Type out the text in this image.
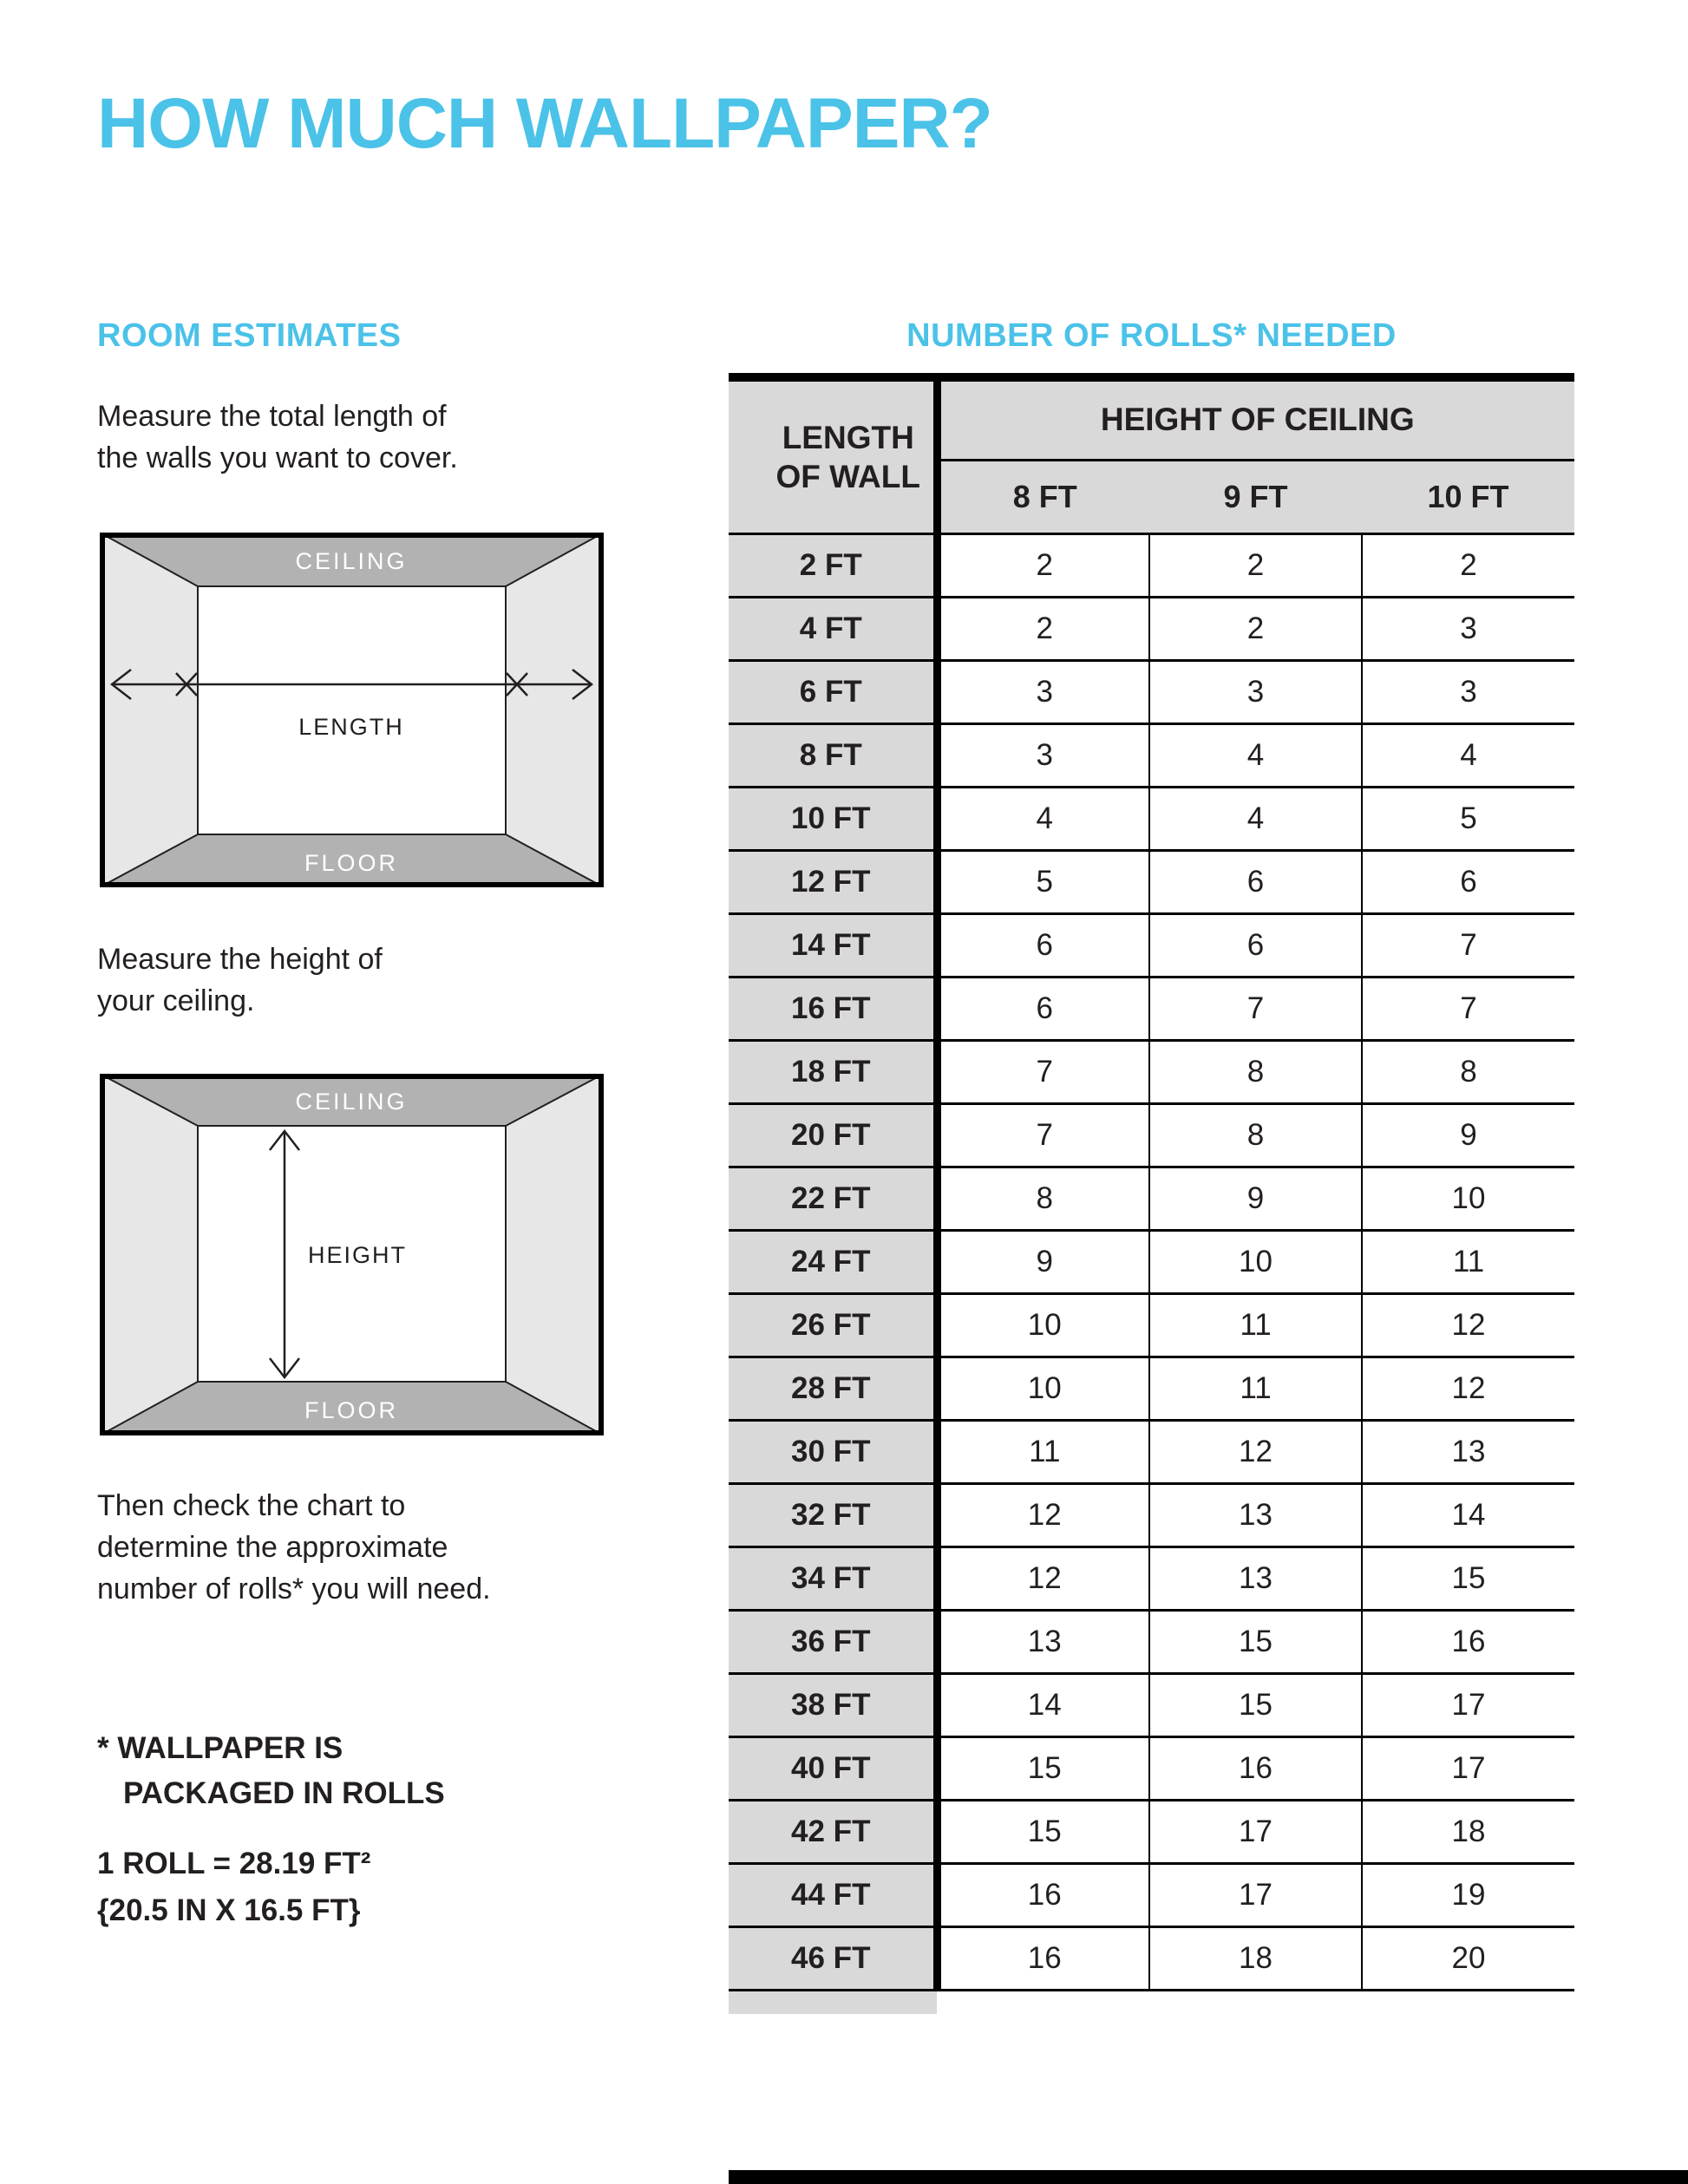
HOW MUCH WALLPAPER?
ROOM ESTIMATES
Measure the total length of
the walls you want to cover.
CEILING
FLOOR
LENGTH
Measure the height of
your ceiling.
CEILING
FLOOR
HEIGHT
Then check the chart to
determine the approximate
number of rolls* you will need.
* WALLPAPER IS
PACKAGED IN ROLLS
1 ROLL = 28.19 FT²
{20.5 IN X 16.5 FT}
NUMBER OF ROLLS* NEEDED
LENGTH
OF WALL	HEIGHT OF CEILING		
	8 FT	9 FT	10 FT
2 FT	2	2	2
4 FT	2	2	3
6 FT	3	3	3
8 FT	3	4	4
10 FT	4	4	5
12 FT	5	6	6
14 FT	6	6	7
16 FT	6	7	7
18 FT	7	8	8
20 FT	7	8	9
22 FT	8	9	10
24 FT	9	10	11
26 FT	10	11	12
28 FT	10	11	12
30 FT	11	12	13
32 FT	12	13	14
34 FT	12	13	15
36 FT	13	15	16
38 FT	14	15	17
40 FT	15	16	17
42 FT	15	17	18
44 FT	16	17	19
46 FT	16	18	20
